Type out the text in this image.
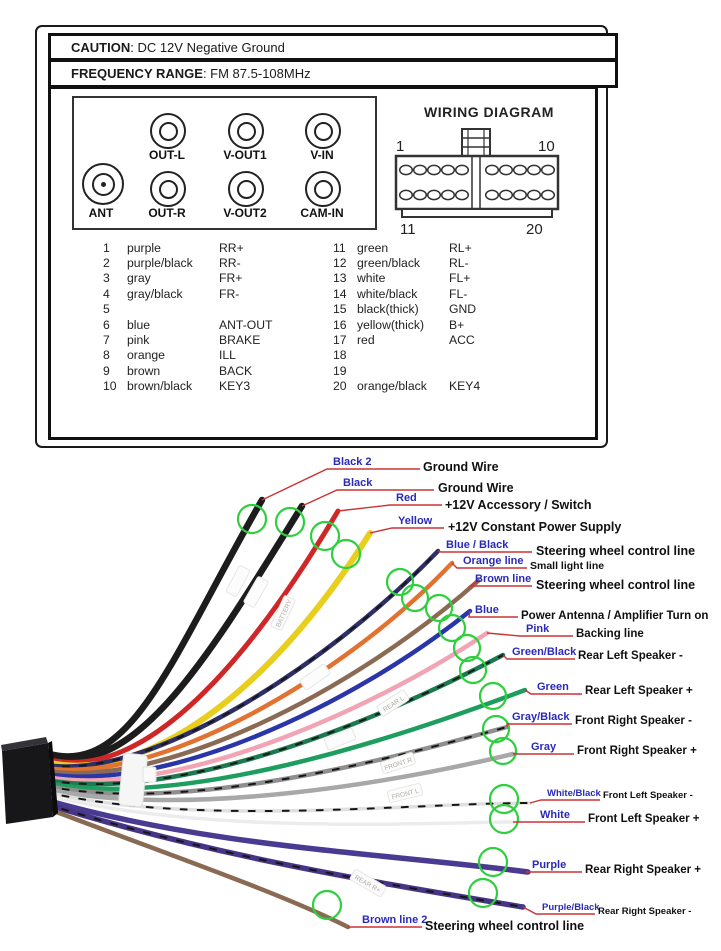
CAUTION : DC 12V Negative Ground
FREQUENCY RANGE : FM 87.5-108MHz
OUT-L	V-OUT1	V-IN
ANT	OUT-R	V-OUT2	CAM-IN
WIRING DIAGRAM
1	10
11	20
1	purple	RR+
2	purple/black	RR-
3	gray	FR+
4	gray/black	FR-
5
6	blue	ANT-OUT
7	pink	BRAKE
8	orange	ILL
9	brown	BACK
10 brown/black	KEY3
11 green	RL+
12 green/black	RL-
13 white	FL+
14 white/black	FL-
15 black(thick)	GND
16 yellow(thick)	B+
17 red	ACC
18
19
20 orange/black	KEY4
BATTERY
REAR L
FRONT R
FRONT L
REAR R+
Black 2	Ground Wire
Black	Ground Wire
Red +12V Accessory / Switch
Yellow +12V Constant Power Supply
Blue / Black Steering wheel control line
Orange line Small light line
Brown line Steering wheel control line
Blue Power Antenna / Amplifier Turn on
Pink Backing line
Green/Black Rear Left Speaker -
Green Rear Left Speaker +
Gray/Black Front Right Speaker -
Gray Front Right Speaker +
White/Black Front Left Speaker -
White Front Left Speaker +
Purple Rear Right Speaker +
Purple/Black
Rear Right Speaker -
Brown line 2
Steering wheel control line
